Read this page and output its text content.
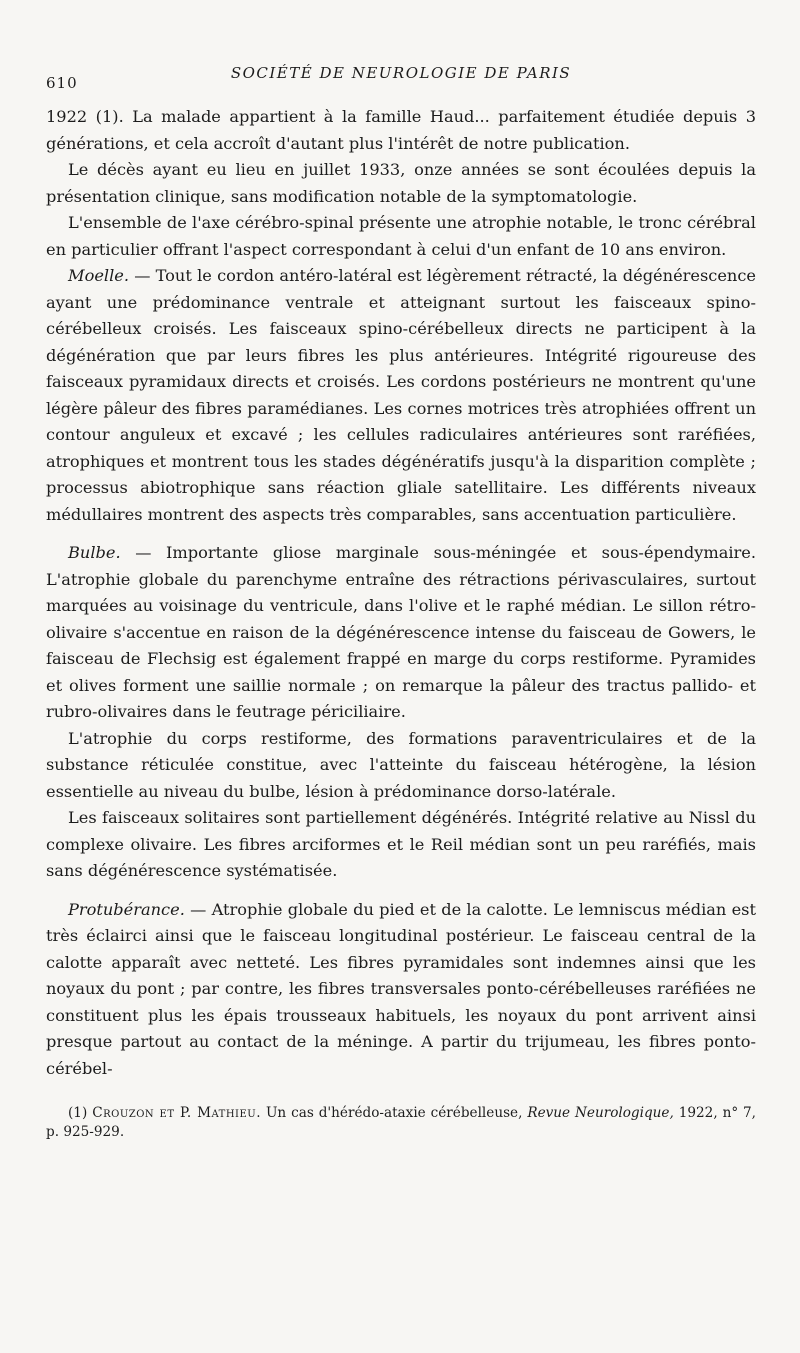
610
SOCIÉTÉ DE NEUROLOGIE DE PARIS

1922 (1). La malade appartient à la famille Haud... parfaitement étudiée depuis 3 générations, et cela accroît d'autant plus l'intérêt de notre publication.

Le décès ayant eu lieu en juillet 1933, onze années se sont écoulées depuis la présentation clinique, sans modification notable de la symptomatologie.

L'ensemble de l'axe cérébro-spinal présente une atrophie notable, le tronc cérébral en particulier offrant l'aspect correspondant à celui d'un enfant de 10 ans environ.

Moelle. — Tout le cordon antéro-latéral est légèrement rétracté, la dégénérescence ayant une prédominance ventrale et atteignant surtout les faisceaux spino-cérébelleux croisés. Les faisceaux spino-cérébelleux directs ne participent à la dégénération que par leurs fibres les plus antérieures. Intégrité rigoureuse des faisceaux pyramidaux directs et croisés. Les cordons postérieurs ne montrent qu'une légère pâleur des fibres paramédianes. Les cornes motrices très atrophiées offrent un contour anguleux et excavé ; les cellules radiculaires antérieures sont raréfiées, atrophiques et montrent tous les stades dégénératifs jusqu'à la disparition complète ; processus abiotrophique sans réaction gliale satellitaire. Les différents niveaux médullaires montrent des aspects très comparables, sans accentuation particulière.

Bulbe. — Importante gliose marginale sous-méningée et sous-épendymaire. L'atrophie globale du parenchyme entraîne des rétractions périvasculaires, surtout marquées au voisinage du ventricule, dans l'olive et le raphé médian. Le sillon rétro-olivaire s'accentue en raison de la dégénérescence intense du faisceau de Gowers, le faisceau de Flechsig est également frappé en marge du corps restiforme. Pyramides et olives forment une saillie normale ; on remarque la pâleur des tractus pallido- et rubro-olivaires dans le feutrage périciliaire.

L'atrophie du corps restiforme, des formations paraventriculaires et de la substance réticulée constitue, avec l'atteinte du faisceau hétérogène, la lésion essentielle au niveau du bulbe, lésion à prédominance dorso-latérale.

Les faisceaux solitaires sont partiellement dégénérés. Intégrité relative au Nissl du complexe olivaire. Les fibres arciformes et le Reil médian sont un peu raréfiés, mais sans dégénérescence systématisée.

Protubérance. — Atrophie globale du pied et de la calotte. Le lemniscus médian est très éclairci ainsi que le faisceau longitudinal postérieur. Le faisceau central de la calotte apparaît avec netteté. Les fibres pyramidales sont indemnes ainsi que les noyaux du pont ; par contre, les fibres transversales ponto-cérébelleuses raréfiées ne constituent plus les épais trousseaux habituels, les noyaux du pont arrivent ainsi presque partout au contact de la méninge. A partir du trijumeau, les fibres ponto-cérébel-

(1) Crouzon et P. Mathieu. Un cas d'hérédo-ataxie cérébelleuse, Revue Neurologique, 1922, n° 7, p. 925-929.
